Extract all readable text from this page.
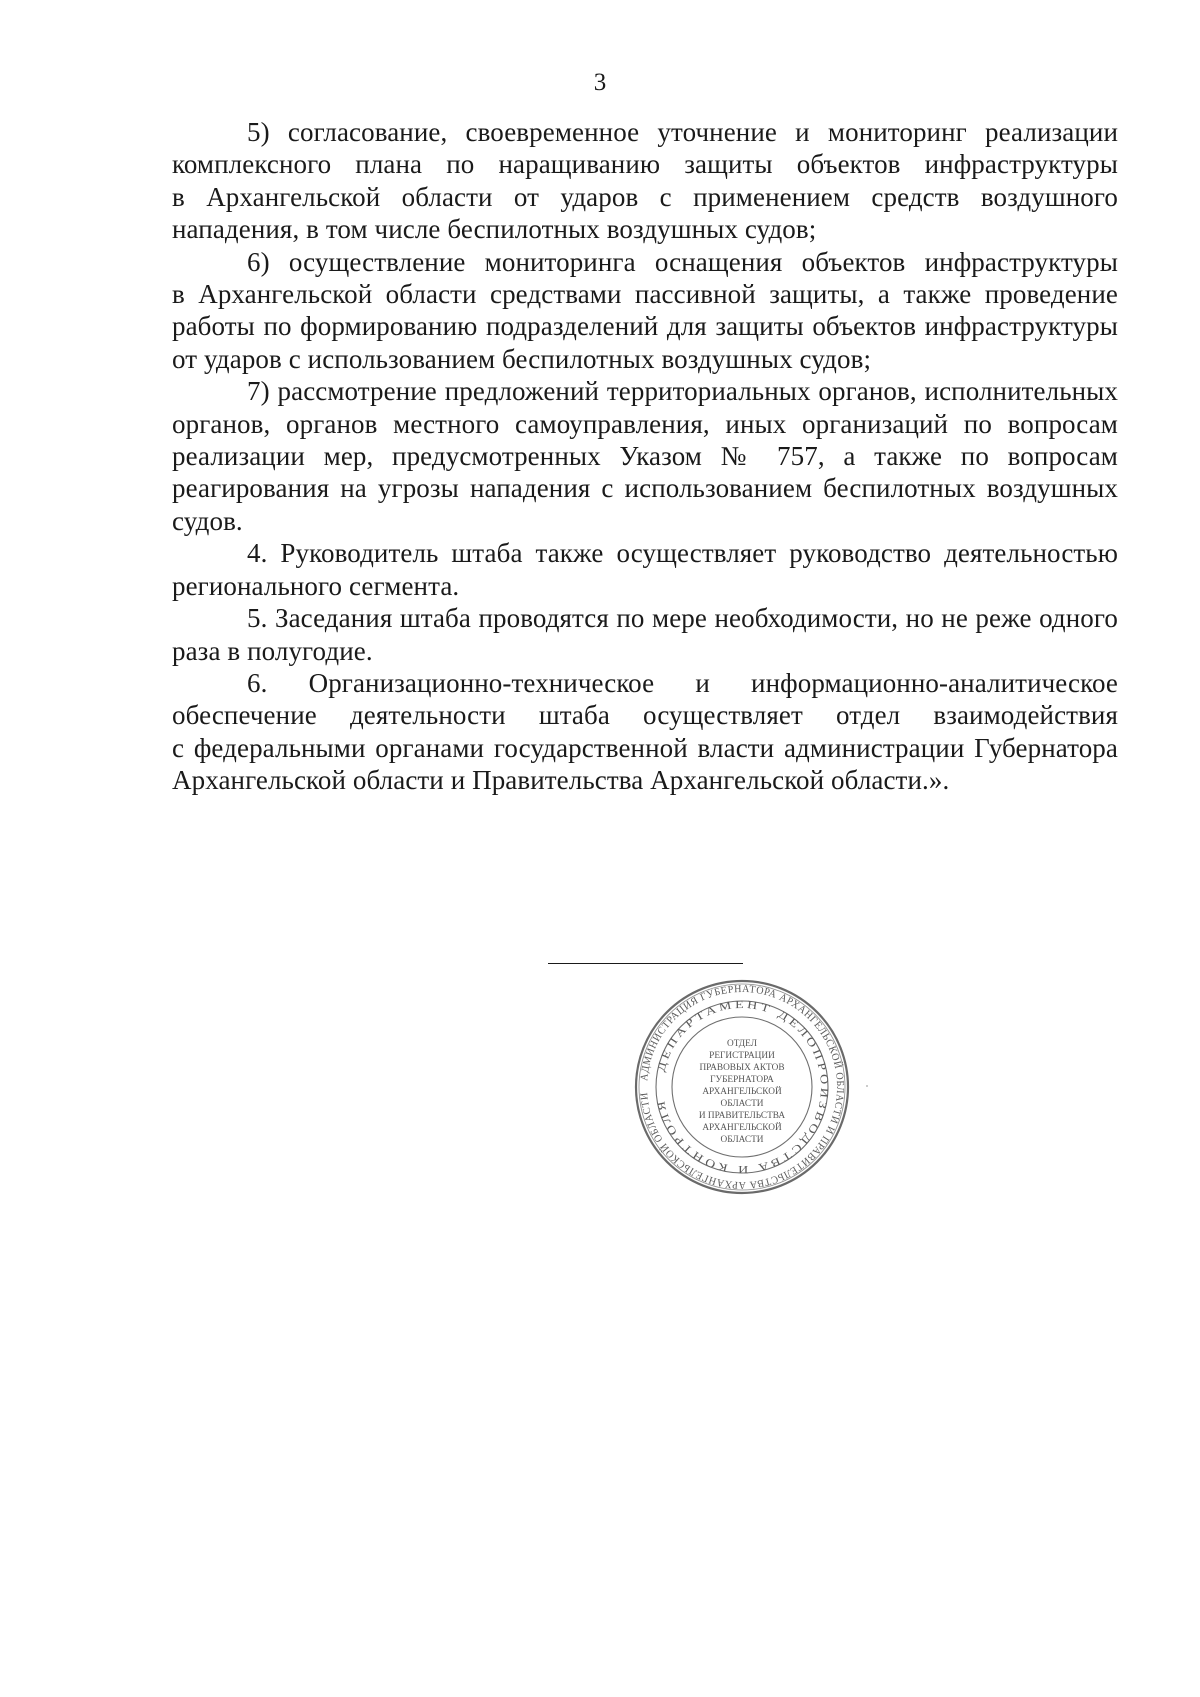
3

5) согласование, своевременное уточнение и мониторинг реализации комплексного плана по наращиванию защиты объектов инфраструктуры в Архангельской области от ударов с применением средств воздушного нападения, в том числе беспилотных воздушных судов;

6) осуществление мониторинга оснащения объектов инфраструктуры в Архангельской области средствами пассивной защиты, а также проведение работы по формированию подразделений для защиты объектов инфраструктуры от ударов с использованием беспилотных воздушных судов;

7) рассмотрение предложений территориальных органов, исполнительных органов, органов местного самоуправления, иных организаций по вопросам реализации мер, предусмотренных Указом № 757, а также по вопросам реагирования на угрозы нападения с использованием беспилотных воздушных судов.

4. Руководитель штаба также осуществляет руководство деятельностью регионального сегмента.

5. Заседания штаба проводятся по мере необходимости, но не реже одного раза в полугодие.

6. Организационно-техническое и информационно-аналитическое обеспечение деятельности штаба осуществляет отдел взаимодействия с федеральными органами государственной власти администрации Губернатора Архангельской области и Правительства Архангельской области.».

АДМИНИСТРАЦИЯ ГУБЕРНАТОРА АРХАНГЕЛЬСКОЙ ОБЛАСТИ И ПРАВИТЕЛЬСТВА АРХАНГЕЛЬСКОЙ ОБЛАСТИ
ДЕПАРТАМЕНТ ДЕЛОПРОИЗВОДСТВА И КОНТРОЛЯ
ОТДЕЛ
РЕГИСТРАЦИИ
ПРАВОВЫХ АКТОВ
ГУБЕРНАТОРА
АРХАНГЕЛЬСКОЙ
ОБЛАСТИ
И ПРАВИТЕЛЬСТВА
АРХАНГЕЛЬСКОЙ
ОБЛАСТИ
